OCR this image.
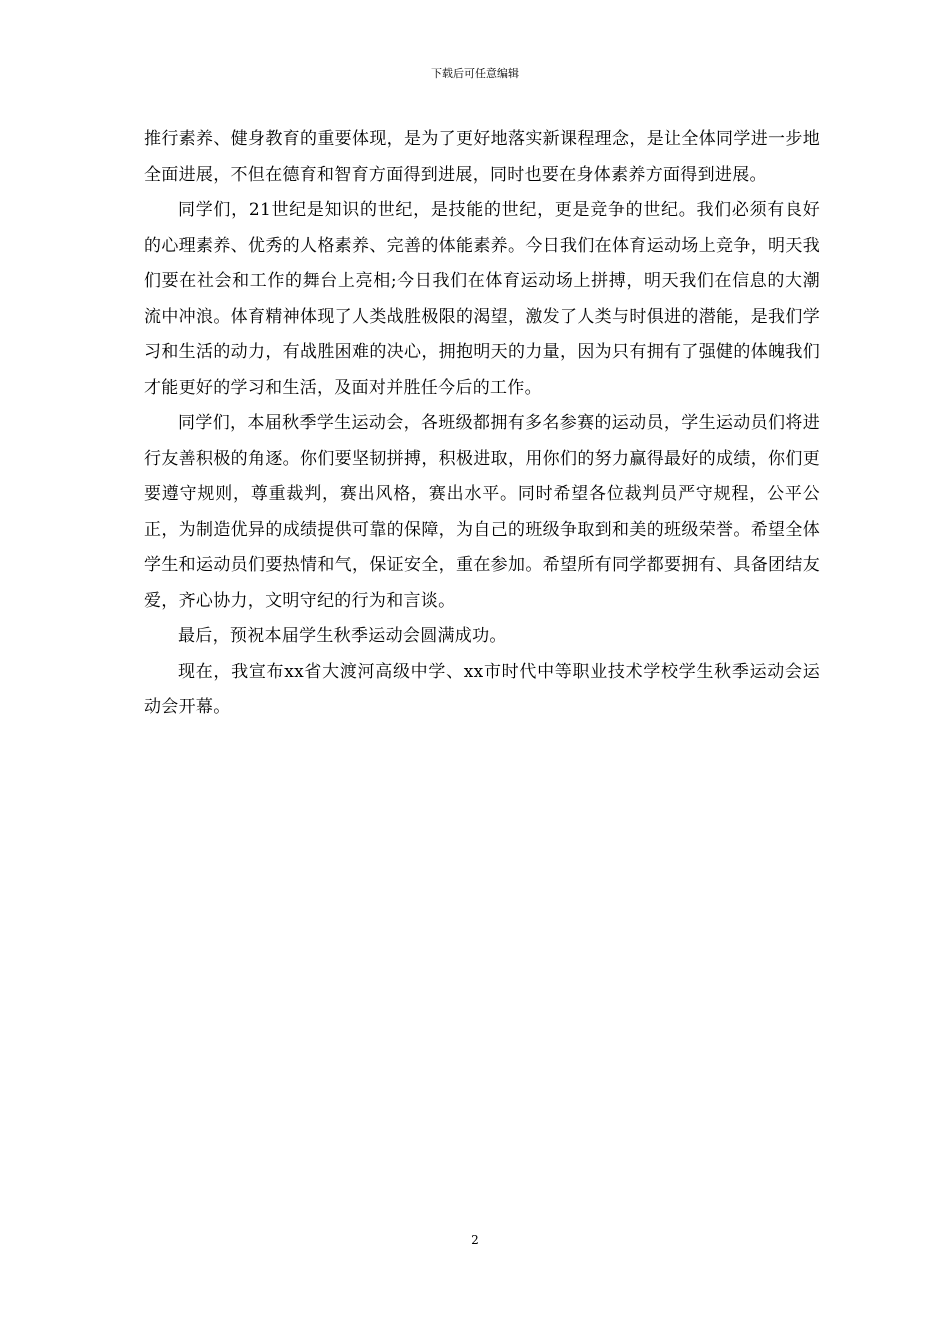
下载后可任意编辑

推行素养、健身教育的重要体现，是为了更好地落实新课程理念，是让全体同学进一步地全面进展，不但在德育和智育方面得到进展，同时也要在身体素养方面得到进展。

同学们，21世纪是知识的世纪，是技能的世纪，更是竞争的世纪。我们必须有良好的心理素养、优秀的人格素养、完善的体能素养。今日我们在体育运动场上竞争，明天我们要在社会和工作的舞台上亮相;今日我们在体育运动场上拼搏，明天我们在信息的大潮流中冲浪。体育精神体现了人类战胜极限的渴望，激发了人类与时俱进的潜能，是我们学习和生活的动力，有战胜困难的决心，拥抱明天的力量，因为只有拥有了强健的体魄我们才能更好的学习和生活，及面对并胜任今后的工作。

同学们，本届秋季学生运动会，各班级都拥有多名参赛的运动员，学生运动员们将进行友善积极的角逐。你们要坚韧拼搏，积极进取，用你们的努力赢得最好的成绩，你们更要遵守规则，尊重裁判，赛出风格，赛出水平。同时希望各位裁判员严守规程，公平公正，为制造优异的成绩提供可靠的保障，为自己的班级争取到和美的班级荣誉。希望全体学生和运动员们要热情和气，保证安全，重在参加。希望所有同学都要拥有、具备团结友爱，齐心协力，文明守纪的行为和言谈。

最后，预祝本届学生秋季运动会圆满成功。

现在，我宣布xx省大渡河高级中学、xx市时代中等职业技术学校学生秋季运动会运动会开幕。

2
